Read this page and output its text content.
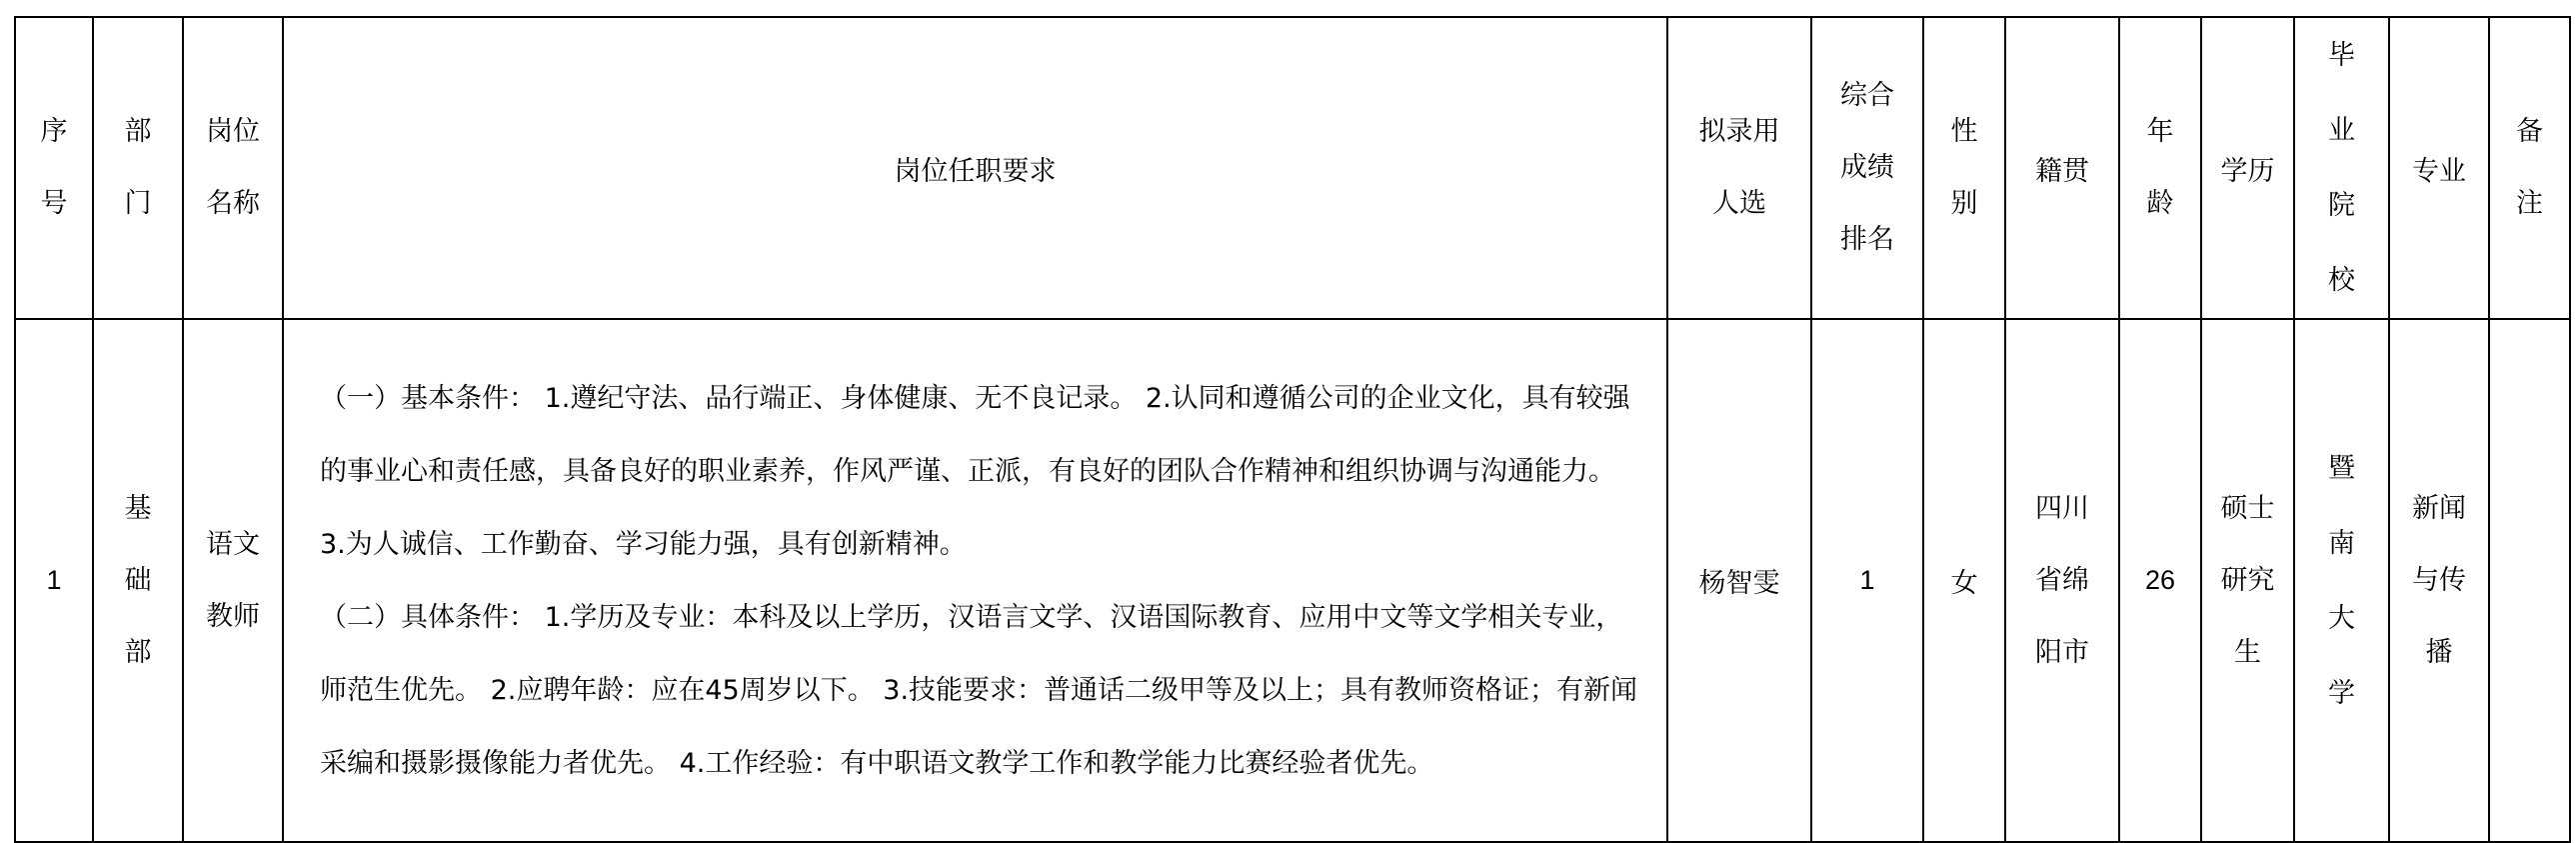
序号	部门	岗位名称	岗位任职要求	拟录用人选	综合成绩排名	性别	籍贯	年龄	学历	毕业院校	专业	备注
1	基础部	语文教师	（一）基本条件： 1.遵纪守法、品行端正、身体健康、无不良记录。 2.认同和遵循公司的企业文化，具有较强的事业心和责任感，具备良好的职业素养，作风严谨、正派，有良好的团队合作精神和组织协调与沟通能力。 3.为人诚信、工作勤奋、学习能力强，具有创新精神。
（二）具体条件： 1.学历及专业：本科及以上学历，汉语言文学、汉语国际教育、应用中文等文学相关专业，师范生优先。 2.应聘年龄：应在45周岁以下。 3.技能要求：普通话二级甲等及以上；具有教师资格证；有新闻采编和摄影摄像能力者优先。 4.工作经验：有中职语文教学工作和教学能力比赛经验者优先。	杨智雯	1	女	四川省绵阳市	26	硕士研究生	暨南大学	新闻与传播	
